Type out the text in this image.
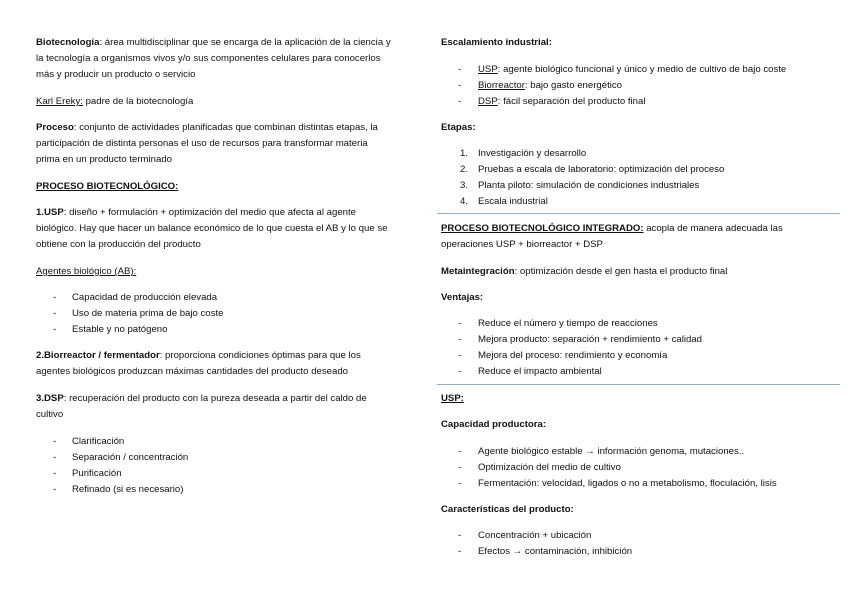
Biotecnología: área multidisciplinar que se encarga de la aplicación de la ciencia y
la tecnología a organismos vivos y/o sus componentes celulares para conocerlos
más y producir un producto o servicio
Karl Ereky: padre de la biotecnología
Proceso: conjunto de actividades planificadas que combinan distintas etapas, la
participación de distinta personas el uso de recursos para transformar materia
prima en un producto terminado
PROCESO BIOTECNOLÓGICO:
1.USP: diseño + formulación + optimización del medio que afecta al agente
biológico. Hay que hacer un balance económico de lo que cuesta el AB y lo que se
obtiene con la producción del producto
Agentes biológico (AB):
- Capacidad de producción elevada
- Uso de materia prima de bajo coste
- Estable y no patógeno
2.Biorreactor / fermentador: proporciona condiciones óptimas para que los
agentes biológicos produzcan máximas cantidades del producto deseado
3.DSP: recuperación del producto con la pureza deseada a partir del caldo de
cultivo
- Clarificación
- Separación / concentración
- Purificación
- Refinado (si es necesario)
Escalamiento industrial:
- USP: agente biológico funcional y único y medio de cultivo de bajo coste
- Biorreactor: bajo gasto energético
- DSP: fácil separación del producto final
Etapas:
1. Investigación y desarrollo
2. Pruebas a escala de laboratorio: optimización del proceso
3. Planta piloto: simulación de condiciones industriales
4. Escala industrial
PROCESO BIOTECNOLÓGICO INTEGRADO: acopla de manera adecuada las
operaciones USP + biorreactor + DSP
Metaintegración: optimización desde el gen hasta el producto final
Ventajas:
- Reduce el número y tiempo de reacciones
- Mejora producto: separación + rendimiento + calidad
- Mejora del proceso: rendimiento y economía
- Reduce el impacto ambiental
USP:
Capacidad productora:
- Agente biológico estable → información genoma, mutaciones..
- Optimización del medio de cultivo
- Fermentación: velocidad, ligados o no a metabolismo, floculación, lisis
Características del producto:
- Concentración + ubicación
- Efectos → contaminación, inhibición
